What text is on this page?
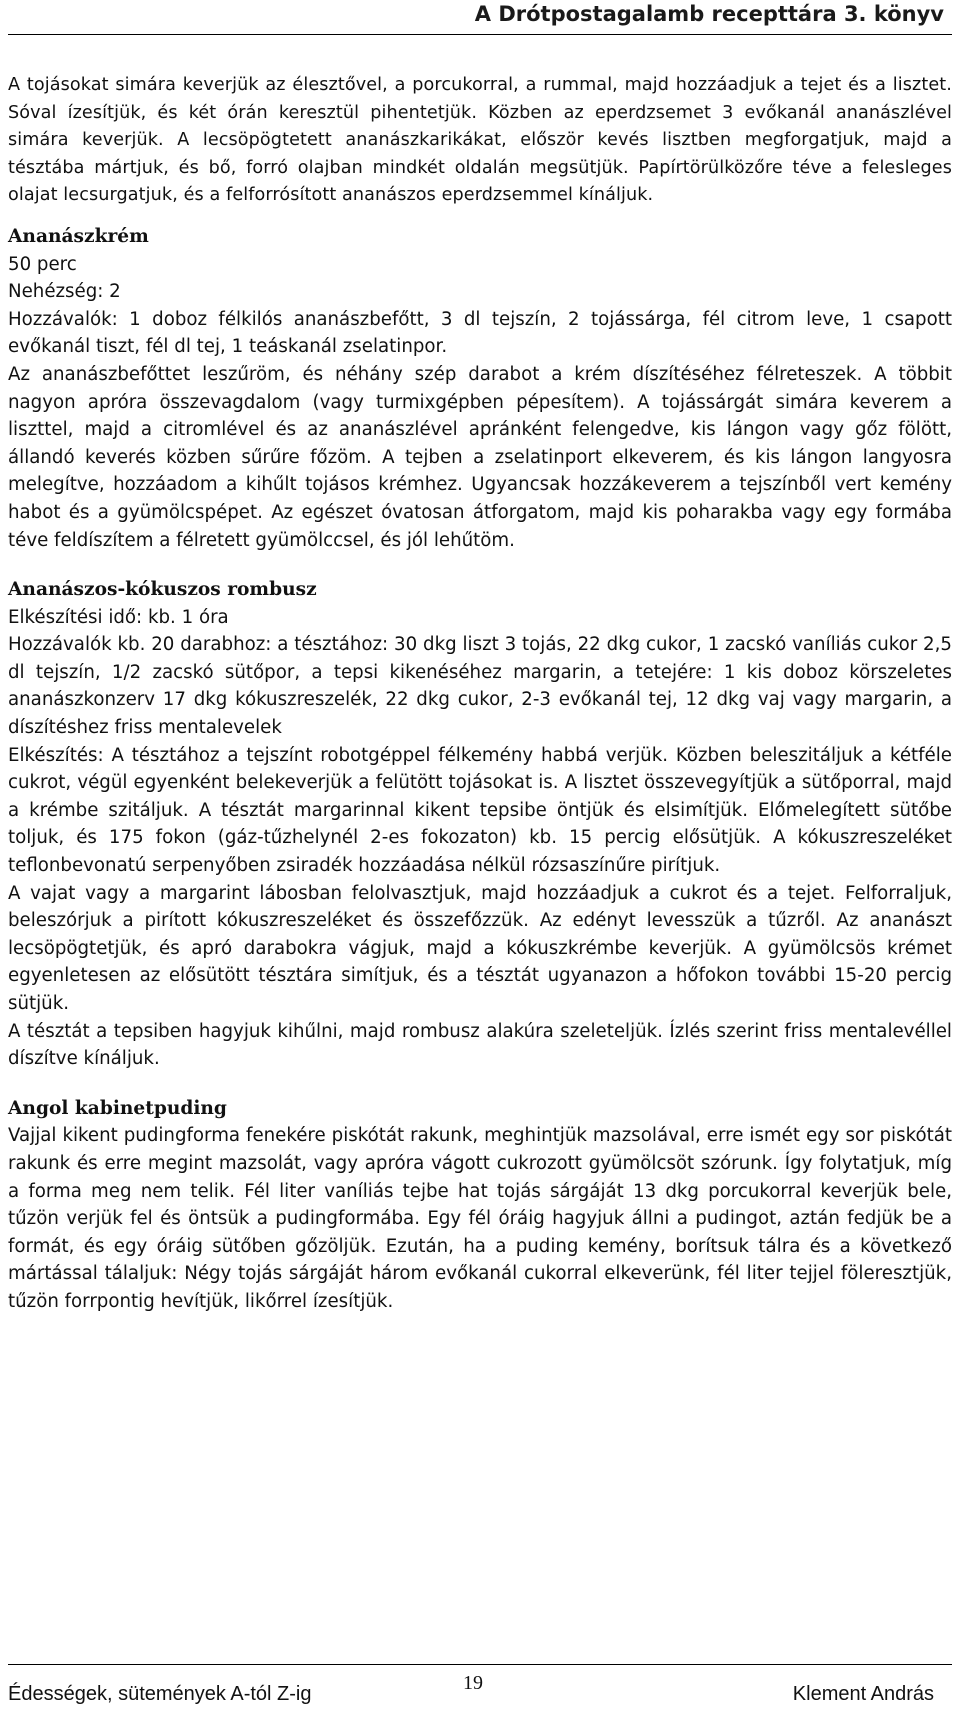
A Drótpostagalamb recepttára 3. könyv

A tojásokat simára keverjük az élesztővel, a porcukorral, a rummal, majd hozzáadjuk a tejet és a lisztet. Sóval ízesítjük, és két órán keresztül pihentetjük. Közben az eperdzsemet 3 evőkanál ananászlével simára keverjük. A lecsöpögtetett ananászkarikákat, először kevés lisztben megforgatjuk, majd a tésztába mártjuk, és bő, forró olajban mindkét oldalán megsütjük. Papírtörülközőre téve a felesleges olajat lecsurgatjuk, és a felforrósított ananászos eperdzsemmel kínáljuk.

Ananászkrém

50 perc

Nehézség: 2

Hozzávalók: 1 doboz félkilós ananászbefőtt, 3 dl tejszín, 2 tojássárga, fél citrom leve, 1 csapott evőkanál tiszt, fél dl tej, 1 teáskanál zselatinpor.

Az ananászbefőttet leszűröm, és néhány szép darabot a krém díszítéséhez félreteszek. A többit nagyon apróra összevagdalom (vagy turmixgépben pépesítem). A tojássárgát simára keverem a liszttel, majd a citromlével és az ananászlével apránként felengedve, kis lángon vagy gőz fölött, állandó keverés közben sűrűre főzöm. A tejben a zselatinport elkeverem, és kis lángon langyosra melegítve, hozzáadom a kihűlt tojásos krémhez. Ugyancsak hozzákeverem a tejszínből vert kemény habot és a gyümölcspépet. Az egészet óvatosan átforgatom, majd kis poharakba vagy egy formába téve feldíszítem a félretett gyümölccsel, és jól lehűtöm.

Ananászos-kókuszos rombusz

Elkészítési idő: kb. 1 óra

Hozzávalók kb. 20 darabhoz: a tésztához: 30 dkg liszt 3 tojás, 22 dkg cukor, 1 zacskó vaníliás cukor 2,5 dl tejszín, 1/2 zacskó sütőpor, a tepsi kikenéséhez margarin, a tetejére: 1 kis doboz körszeletes ananászkonzerv 17 dkg kókuszreszelék, 22 dkg cukor, 2-3 evőkanál tej, 12 dkg vaj vagy margarin, a díszítéshez friss mentalevelek

Elkészítés: A tésztához a tejszínt robotgéppel félkemény habbá verjük. Közben beleszitáljuk a kétféle cukrot, végül egyenként belekeverjük a felütött tojásokat is. A lisztet összevegyítjük a sütőporral, majd a krémbe szitáljuk. A tésztát margarinnal kikent tepsibe öntjük és elsimítjük. Előmelegített sütőbe toljuk, és 175 fokon (gáz-tűzhelynél 2-es fokozaton) kb. 15 percig elősütjük. A kókuszreszeléket teflonbevonatú serpenyőben zsiradék hozzáadása nélkül rózsaszínűre pirítjuk.

A vajat vagy a margarint lábosban felolvasztjuk, majd hozzáadjuk a cukrot és a tejet. Felforraljuk, beleszórjuk a pirított kókuszreszeléket és összefőzzük. Az edényt levesszük a tűzről. Az ananászt lecsöpögtetjük, és apró darabokra vágjuk, majd a kókuszkrémbe keverjük. A gyümölcsös krémet egyenletesen az elősütött tésztára simítjuk, és a tésztát ugyanazon a hőfokon további 15-20 percig sütjük.

A tésztát a tepsiben hagyjuk kihűlni, majd rombusz alakúra szeleteljük. Ízlés szerint friss mentalevéllel díszítve kínáljuk.

Angol kabinetpuding

Vajjal kikent pudingforma fenekére piskótát rakunk, meghintjük mazsolával, erre ismét egy sor piskótát rakunk és erre megint mazsolát, vagy apróra vágott cukrozott gyümölcsöt szórunk. Így folytatjuk, míg a forma meg nem telik. Fél liter vaníliás tejbe hat tojás sárgáját 13 dkg porcukorral keverjük bele, tűzön verjük fel és öntsük a pudingformába. Egy fél óráig hagyjuk állni a pudingot, aztán fedjük be a formát, és egy óráig sütőben gőzöljük. Ezután, ha a puding kemény, borítsuk tálra és a következő mártással tálaljuk: Négy tojás sárgáját három evőkanál cukorral elkeverünk, fél liter tejjel föleresztjük, tűzön forrpontig hevítjük, likőrrel ízesítjük.

Édességek, sütemények A-tól Z-ig	19	Klement András
